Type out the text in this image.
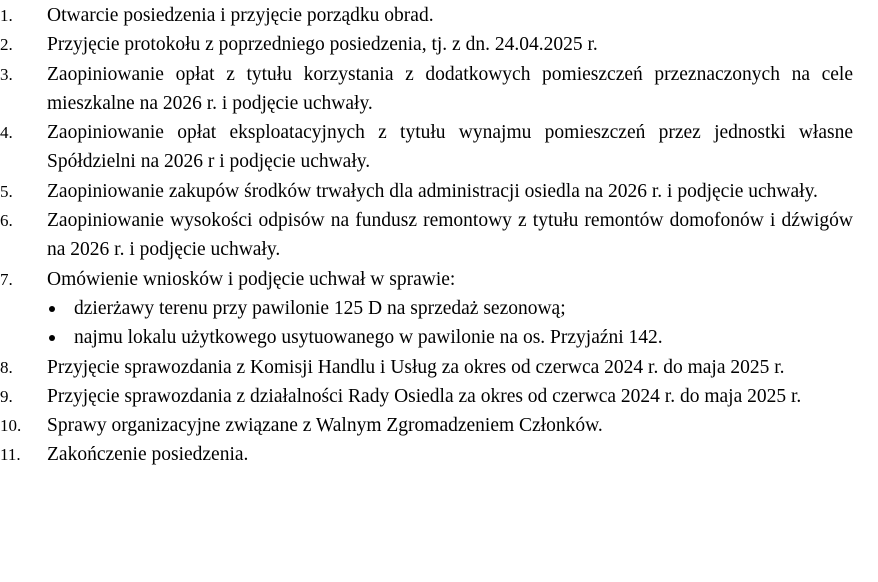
1.	Otwarcie posiedzenia i przyjęcie porządku obrad.
2.	Przyjęcie protokołu z poprzedniego posiedzenia, tj. z dn. 24.04.2025 r.
3.	Zaopiniowanie opłat z tytułu korzystania z dodatkowych pomieszczeń przeznaczonych na cele mieszkalne na 2026 r. i podjęcie uchwały.
4.	Zaopiniowanie opłat eksploatacyjnych z tytułu wynajmu pomieszczeń przez jednostki własne Spółdzielni na 2026 r i podjęcie uchwały.
5.	Zaopiniowanie zakupów środków trwałych dla administracji osiedla na 2026 r. i podjęcie uchwały.
6.	Zaopiniowanie wysokości odpisów na fundusz remontowy z tytułu remontów domofonów i dźwigów na 2026 r. i podjęcie uchwały.
7.	Omówienie wniosków i podjęcie uchwał w sprawie:
dzierżawy terenu przy pawilonie 125 D na sprzedaż sezonową;
najmu lokalu użytkowego usytuowanego w pawilonie na os. Przyjaźni 142.
8.	Przyjęcie sprawozdania z Komisji Handlu i Usług za okres od czerwca 2024 r. do maja 2025 r.
9.	Przyjęcie sprawozdania z działalności Rady Osiedla za okres od czerwca 2024 r. do maja 2025 r.
10.	Sprawy organizacyjne związane z Walnym Zgromadzeniem Członków.
11.	Zakończenie posiedzenia.
